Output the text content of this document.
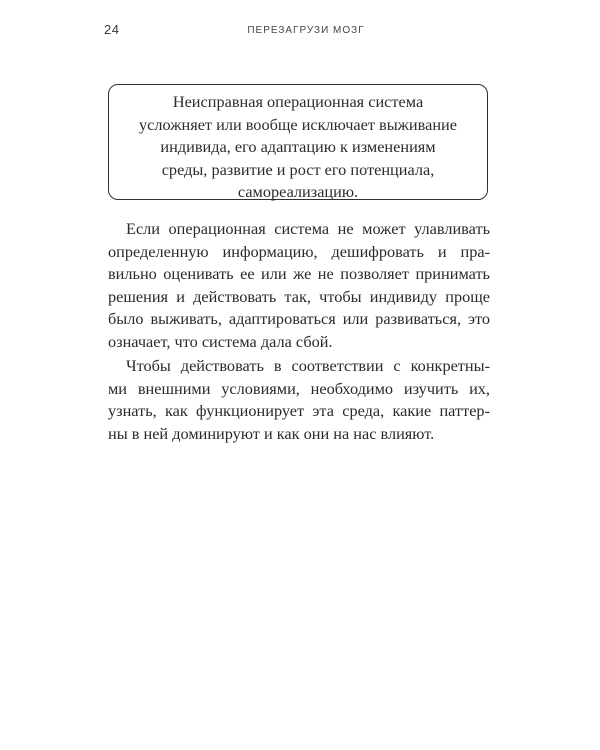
24	ПЕРЕЗАГРУЗИ МОЗГ
Неисправная операционная система
усложняет или вообще исключает выживание
индивида, его адаптацию к изменениям
среды, развитие и рост его потенциала,
самореализацию.

Если операционная система не может улавливать
определенную информацию, дешифровать и пра-
вильно оценивать ее или же не позволяет принимать
решения и действовать так, чтобы индивиду проще
было выживать, адаптироваться или развиваться, это
означает, что система дала сбой.

Чтобы действовать в соответствии с конкретны-
ми внешними условиями, необходимо изучить их,
узнать, как функционирует эта среда, какие паттер-
ны в ней доминируют и как они на нас влияют.
